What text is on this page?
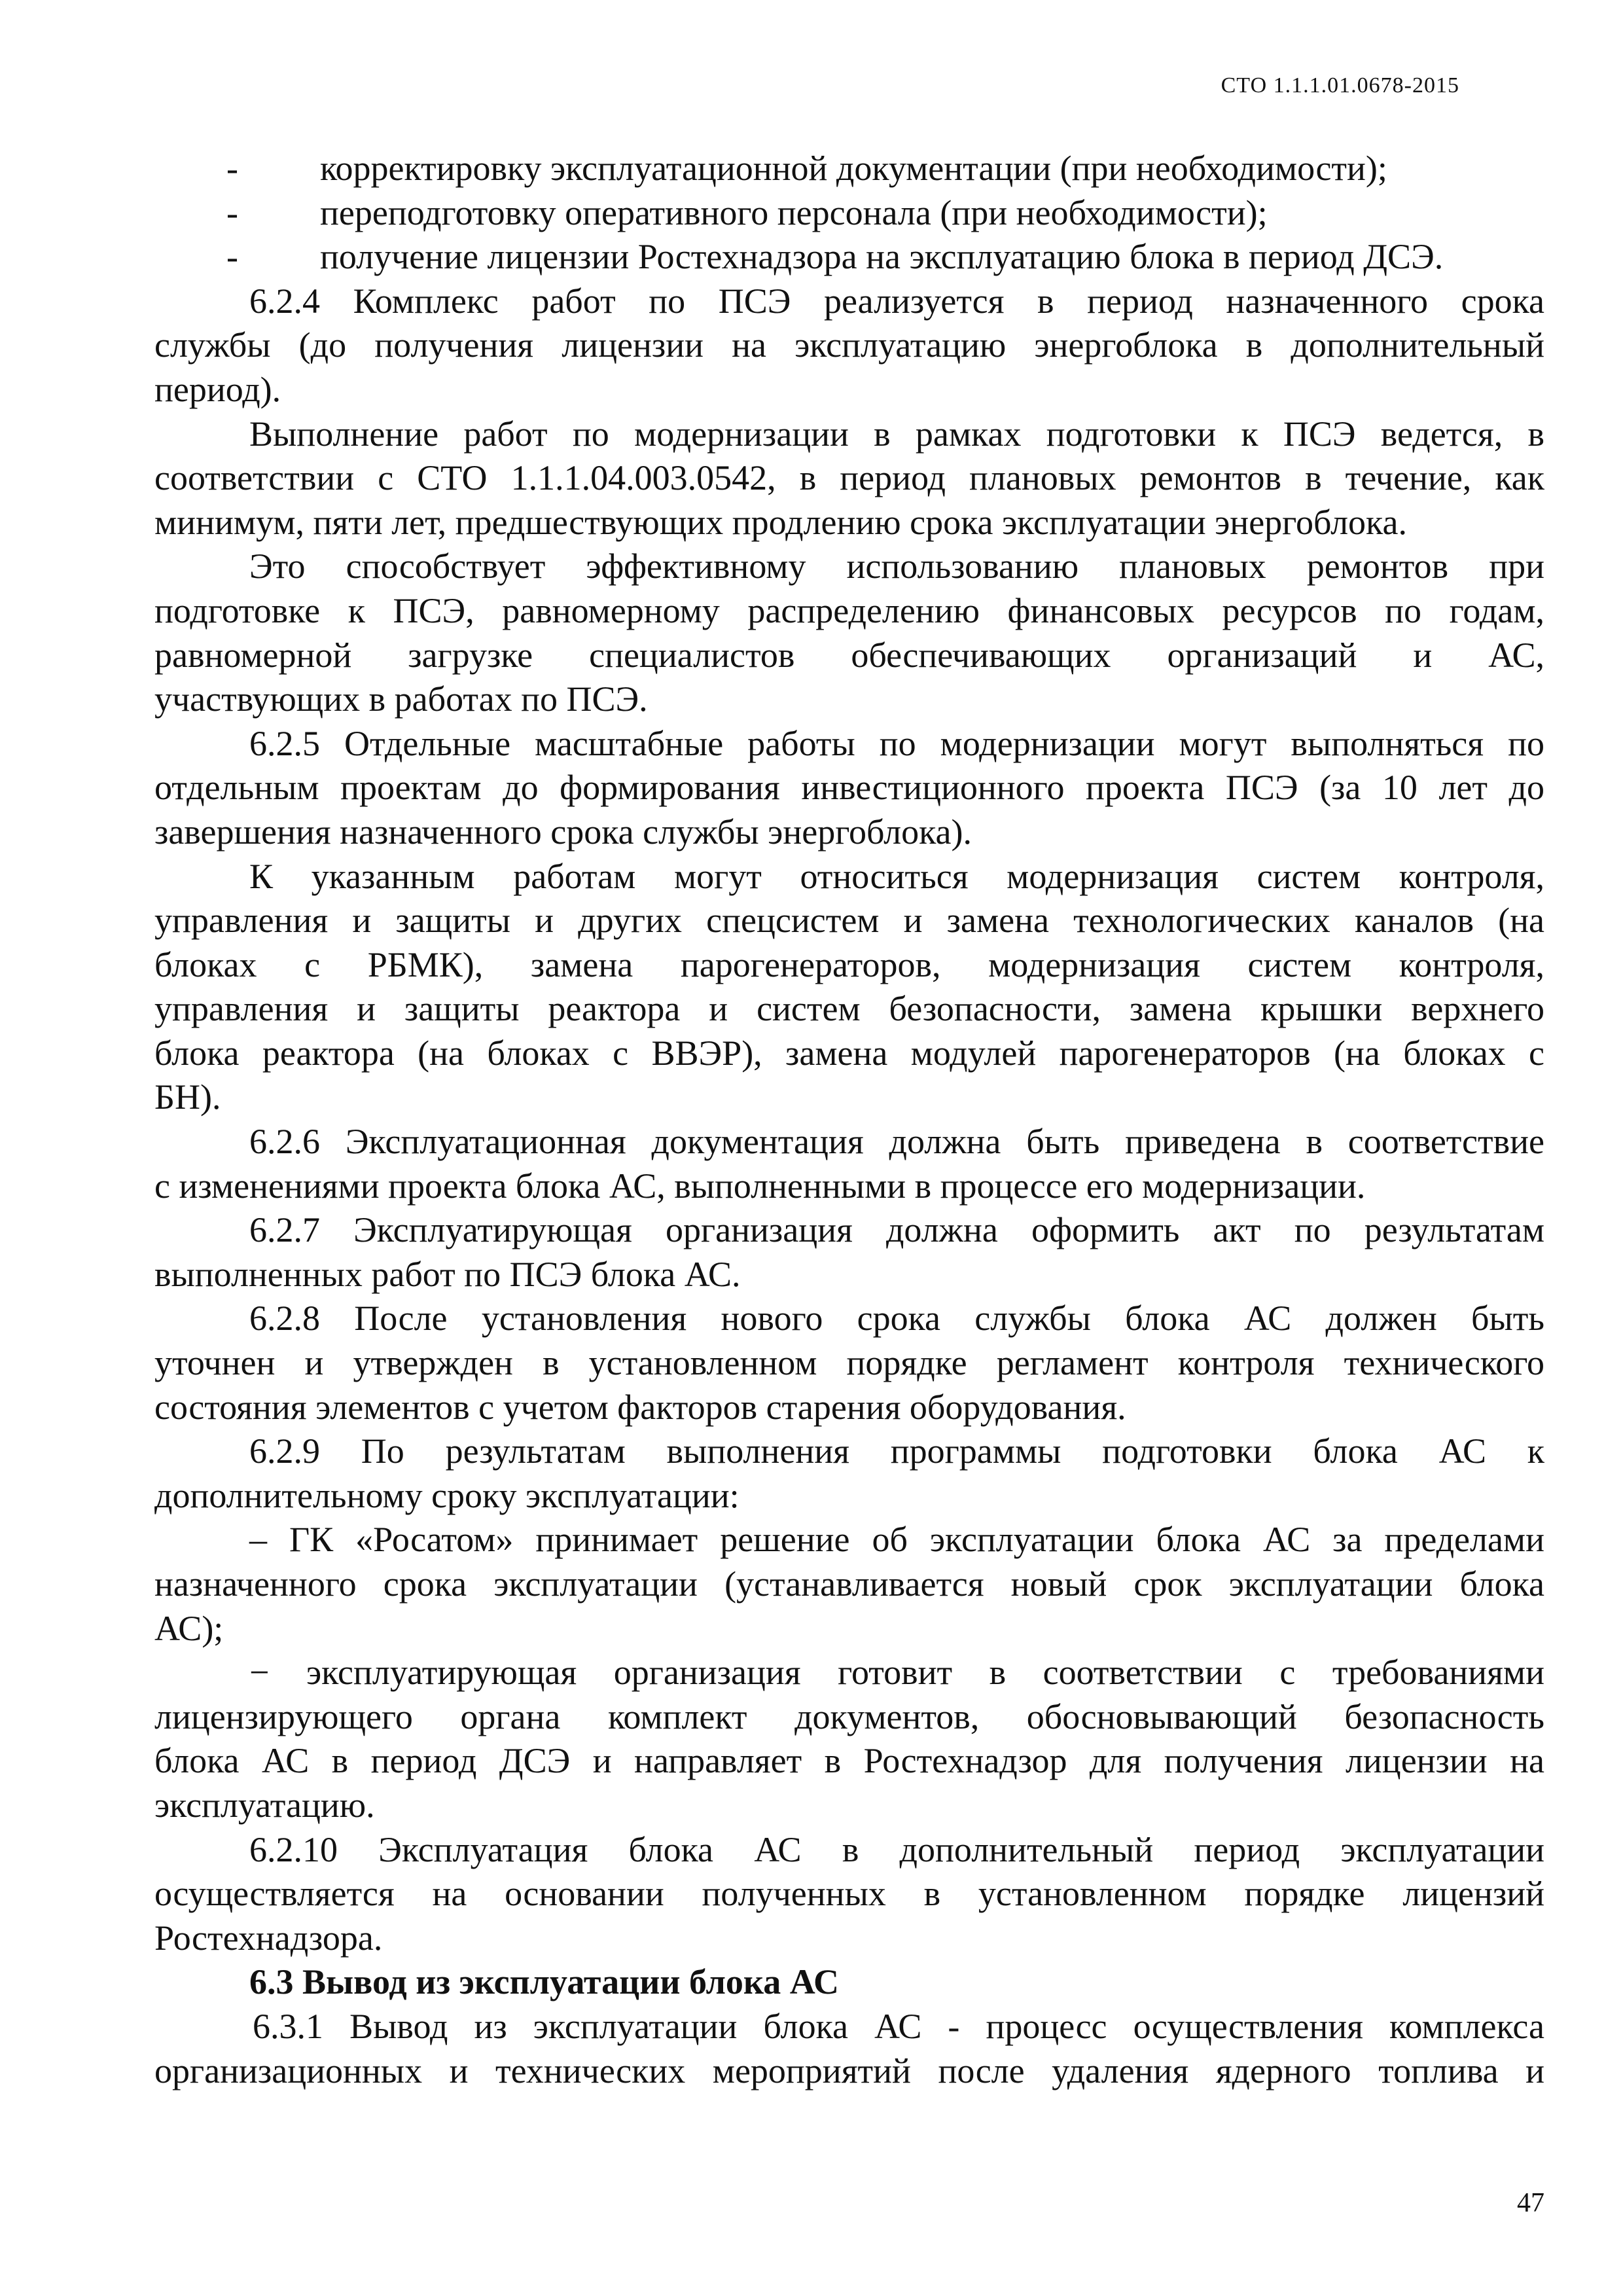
СТО 1.1.1.01.0678-2015
-	корректировку эксплуатационной документации (при необходимости);
-	переподготовку оперативного персонала (при необходимости);
-	получение лицензии Ростехнадзора на эксплуатацию блока в период ДСЭ.
6.2.4 Комплекс работ по ПСЭ реализуется в период назначенного срока
службы (до получения лицензии на эксплуатацию энергоблока в дополнительный
период).
Выполнение работ по модернизации в рамках подготовки к ПСЭ ведется, в
соответствии с СТО 1.1.1.04.003.0542, в период плановых ремонтов в течение, как
минимум, пяти лет, предшествующих продлению срока эксплуатации энергоблока.
Это способствует эффективному использованию плановых ремонтов при
подготовке к ПСЭ, равномерному распределению финансовых ресурсов по годам,
равномерной загрузке специалистов обеспечивающих организаций и АС,
участвующих в работах по ПСЭ.
6.2.5 Отдельные масштабные работы по модернизации могут выполняться по
отдельным проектам до формирования инвестиционного проекта ПСЭ (за 10 лет до
завершения назначенного срока службы энергоблока).
К указанным работам могут относиться модернизация систем контроля,
управления и защиты и других спецсистем и замена технологических каналов (на
блоках с РБМК), замена парогенераторов, модернизация систем контроля,
управления и защиты реактора и систем безопасности, замена крышки верхнего
блока реактора (на блоках с ВВЭР), замена модулей парогенераторов (на блоках с
БН).
6.2.6 Эксплуатационная документация должна быть приведена в соответствие
с изменениями проекта блока АС, выполненными в процессе его модернизации.
6.2.7 Эксплуатирующая организация должна оформить акт по результатам
выполненных работ по ПСЭ блока АС.
6.2.8 После установления нового срока службы блока АС должен быть
уточнен и утвержден в установленном порядке регламент контроля технического
состояния элементов с учетом факторов старения оборудования.
6.2.9 По результатам выполнения программы подготовки блока АС к
дополнительному сроку эксплуатации:
– ГК «Росатом» принимает решение об эксплуатации блока АС за пределами
назначенного срока эксплуатации (устанавливается новый срок эксплуатации блока
АС);
− эксплуатирующая организация готовит в соответствии с требованиями
лицензирующего органа комплект документов, обосновывающий безопасность
блока АС в период ДСЭ и направляет в Ростехнадзор для получения лицензии на
эксплуатацию.
6.2.10 Эксплуатация блока АС в дополнительный период эксплуатации
осуществляется на основании полученных в установленном порядке лицензий
Ростехнадзора.
6.3 Вывод из эксплуатации блока АС
6.3.1 Вывод из эксплуатации блока АС - процесс осуществления комплекса
организационных и технических мероприятий после удаления ядерного топлива и
47
